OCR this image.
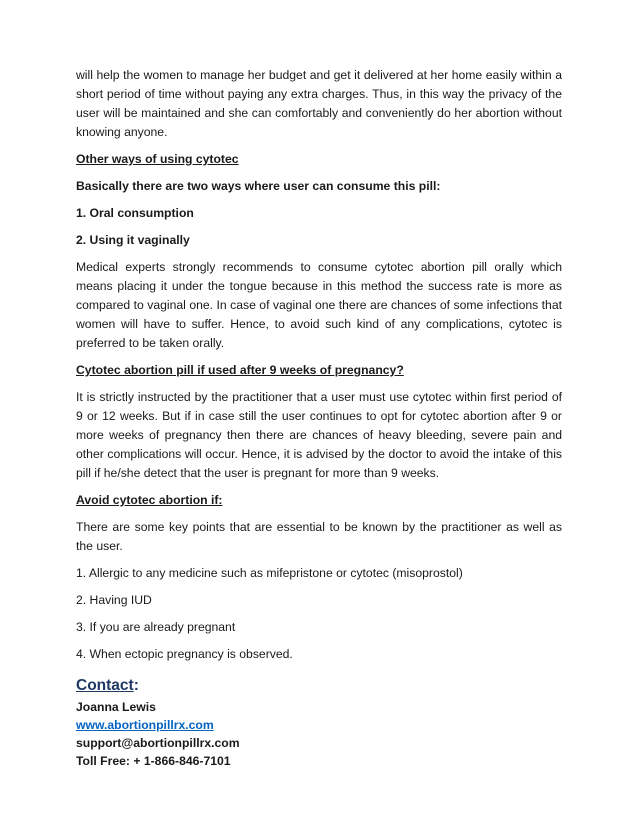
will help the women to manage her budget and get it delivered at her home easily within a short period of time without paying any extra charges. Thus, in this way the privacy of the user will be maintained and she can comfortably and conveniently do her abortion without knowing anyone.

Other ways of using cytotec

Basically there are two ways where user can consume this pill:

1. Oral consumption

2. Using it vaginally

Medical experts strongly recommends to consume cytotec abortion pill orally which means placing it under the tongue because in this method the success rate is more as compared to vaginal one. In case of vaginal one there are chances of some infections that women will have to suffer. Hence, to avoid such kind of any complications, cytotec is preferred to be taken orally.

Cytotec abortion pill if used after 9 weeks of pregnancy?

It is strictly instructed by the practitioner that a user must use cytotec within first period of 9 or 12 weeks. But if in case still the user continues to opt for cytotec abortion after 9 or more weeks of pregnancy then there are chances of heavy bleeding, severe pain and other complications will occur. Hence, it is advised by the doctor to avoid the intake of this pill if he/she detect that the user is pregnant for more than 9 weeks.

Avoid cytotec abortion if:

There are some key points that are essential to be known by the practitioner as well as the user.

1. Allergic to any medicine such as mifepristone or cytotec (misoprostol)

2. Having IUD

3. If you are already pregnant

4. When ectopic pregnancy is observed.

Contact:

Joanna Lewis

www.abortionpillrx.com

support@abortionpillrx.com

Toll Free: + 1-866-846-7101
